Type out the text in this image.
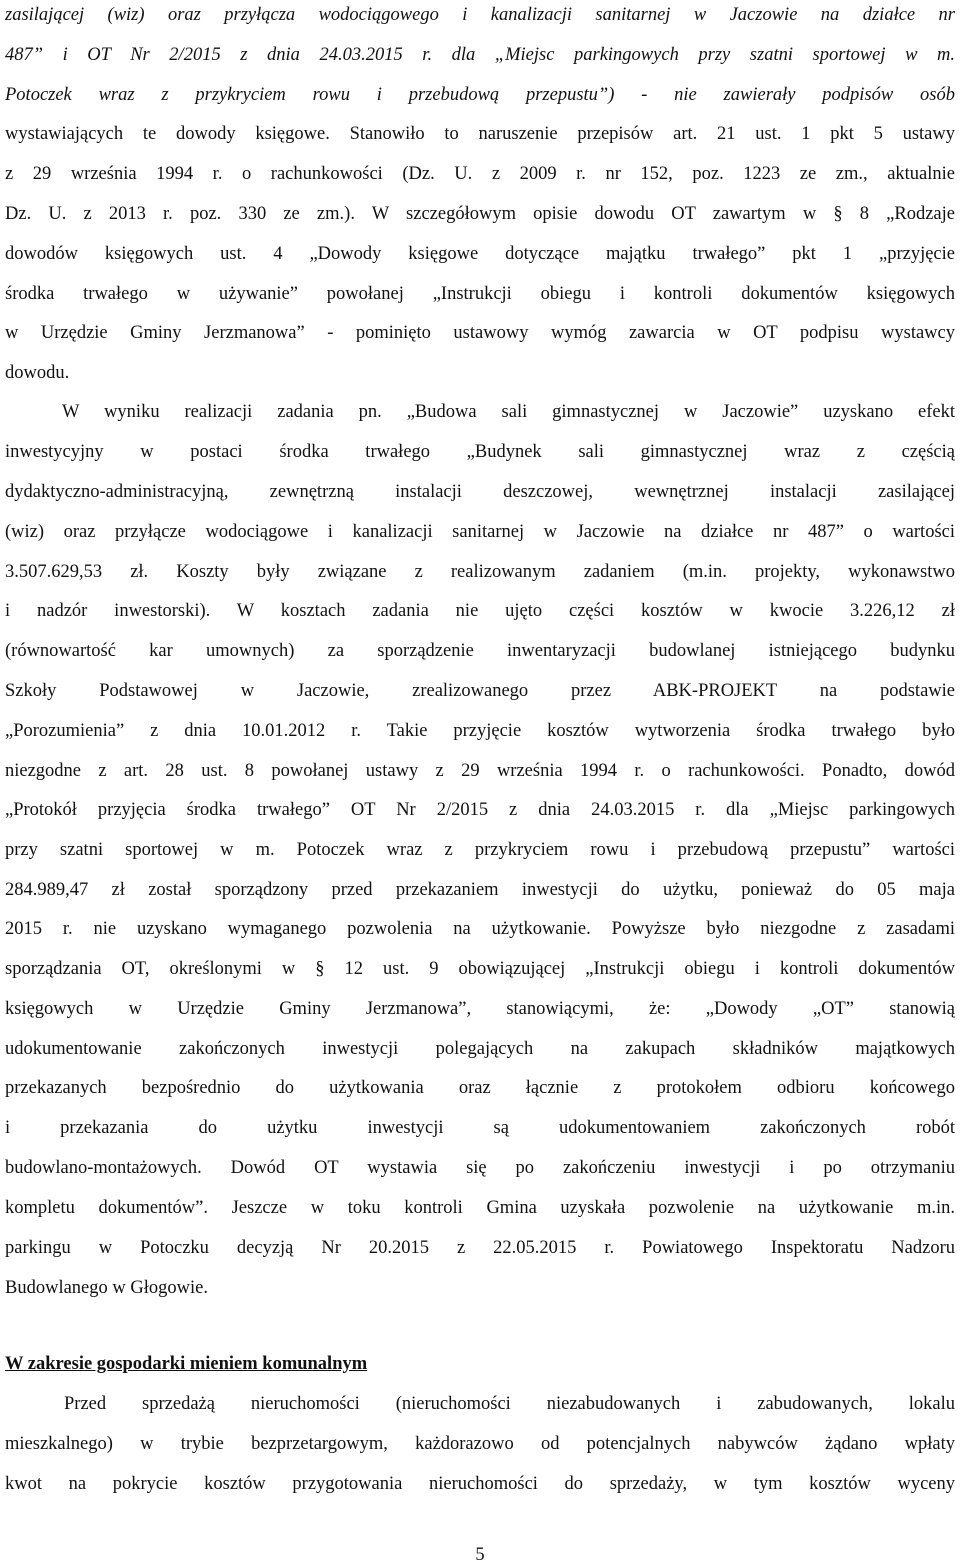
zasilającej (wiz) oraz przyłącza wodociągowego i kanalizacji sanitarnej w Jaczowie na działce nr
487” i OT Nr 2/2015 z dnia 24.03.2015 r. dla „Miejsc parkingowych przy szatni sportowej w m.
Potoczek wraz z przykryciem rowu i przebudową przepustu”) - nie zawierały podpisów osób
wystawiających te dowody księgowe. Stanowiło to naruszenie przepisów art. 21 ust. 1 pkt 5 ustawy
z 29 września 1994 r. o rachunkowości (Dz. U. z 2009 r. nr 152, poz. 1223 ze zm., aktualnie
Dz. U. z 2013 r. poz. 330 ze zm.). W szczegółowym opisie dowodu OT zawartym w § 8 „Rodzaje
dowodów księgowych ust. 4 „Dowody księgowe dotyczące majątku trwałego” pkt 1 „przyjęcie
środka trwałego w używanie” powołanej „Instrukcji obiegu i kontroli dokumentów księgowych
w Urzędzie Gminy Jerzmanowa” - pominięto ustawowy wymóg zawarcia w OT podpisu wystawcy
dowodu.
W wyniku realizacji zadania pn. „Budowa sali gimnastycznej w Jaczowie” uzyskano efekt
inwestycyjny w postaci środka trwałego „Budynek sali gimnastycznej wraz z częścią
dydaktyczno-administracyjną, zewnętrzną instalacji deszczowej, wewnętrznej instalacji zasilającej
(wiz) oraz przyłącze wodociągowe i kanalizacji sanitarnej w Jaczowie na działce nr 487” o wartości
3.507.629,53 zł. Koszty były związane z realizowanym zadaniem (m.in. projekty, wykonawstwo
i nadzór inwestorski). W kosztach zadania nie ujęto części kosztów w kwocie 3.226,12 zł
(równowartość kar umownych) za sporządzenie inwentaryzacji budowlanej istniejącego budynku
Szkoły Podstawowej w Jaczowie, zrealizowanego przez ABK-PROJEKT na podstawie
„Porozumienia” z dnia 10.01.2012 r. Takie przyjęcie kosztów wytworzenia środka trwałego było
niezgodne z art. 28 ust. 8 powołanej ustawy z 29 września 1994 r. o rachunkowości. Ponadto, dowód
„Protokół przyjęcia środka trwałego” OT Nr 2/2015 z dnia 24.03.2015 r. dla „Miejsc parkingowych
przy szatni sportowej w m. Potoczek wraz z przykryciem rowu i przebudową przepustu” wartości
284.989,47 zł został sporządzony przed przekazaniem inwestycji do użytku, ponieważ do 05 maja
2015 r. nie uzyskano wymaganego pozwolenia na użytkowanie. Powyższe było niezgodne z zasadami
sporządzania OT, określonymi w § 12 ust. 9 obowiązującej „Instrukcji obiegu i kontroli dokumentów
księgowych w Urzędzie Gminy Jerzmanowa”, stanowiącymi, że: „Dowody „OT” stanowią
udokumentowanie zakończonych inwestycji polegających na zakupach składników majątkowych
przekazanych bezpośrednio do użytkowania oraz łącznie z protokołem odbioru końcowego
i przekazania do użytku inwestycji są udokumentowaniem zakończonych robót
budowlano-montażowych. Dowód OT wystawia się po zakończeniu inwestycji i po otrzymaniu
kompletu dokumentów”. Jeszcze w toku kontroli Gmina uzyskała pozwolenie na użytkowanie m.in.
parkingu w Potoczku decyzją Nr 20.2015 z 22.05.2015 r. Powiatowego Inspektoratu Nadzoru
Budowlanego w Głogowie.
W zakresie gospodarki mieniem komunalnym
Przed sprzedażą nieruchomości (nieruchomości niezabudowanych i zabudowanych, lokalu
mieszkalnego) w trybie bezprzetargowym, każdorazowo od potencjalnych nabywców żądano wpłaty
kwot na pokrycie kosztów przygotowania nieruchomości do sprzedaży, w tym kosztów wyceny
5
